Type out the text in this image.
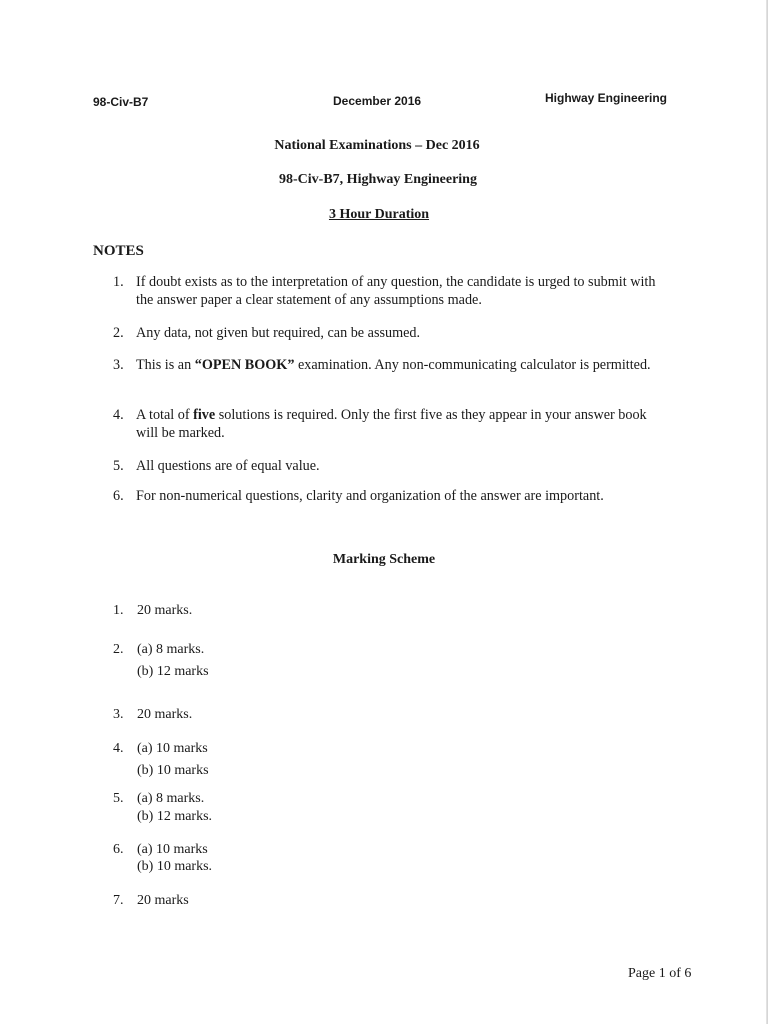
98-Civ-B7	December 2016	Highway Engineering
National Examinations – Dec 2016
98-Civ-B7, Highway Engineering
3 Hour Duration
NOTES
1. If doubt exists as to the interpretation of any question, the candidate is urged to submit with the answer paper a clear statement of any assumptions made.
2. Any data, not given but required, can be assumed.
3. This is an “OPEN BOOK” examination. Any non-communicating calculator is permitted.
4. A total of five solutions is required. Only the first five as they appear in your answer book will be marked.
5. All questions are of equal value.
6. For non-numerical questions, clarity and organization of the answer are important.
Marking Scheme
1. 20 marks.
2. (a) 8 marks.
(b) 12 marks
3. 20 marks.
4. (a) 10 marks
(b) 10 marks
5. (a) 8 marks.
(b) 12 marks.
6. (a) 10 marks
(b) 10 marks.
7. 20 marks
Page 1 of 6
